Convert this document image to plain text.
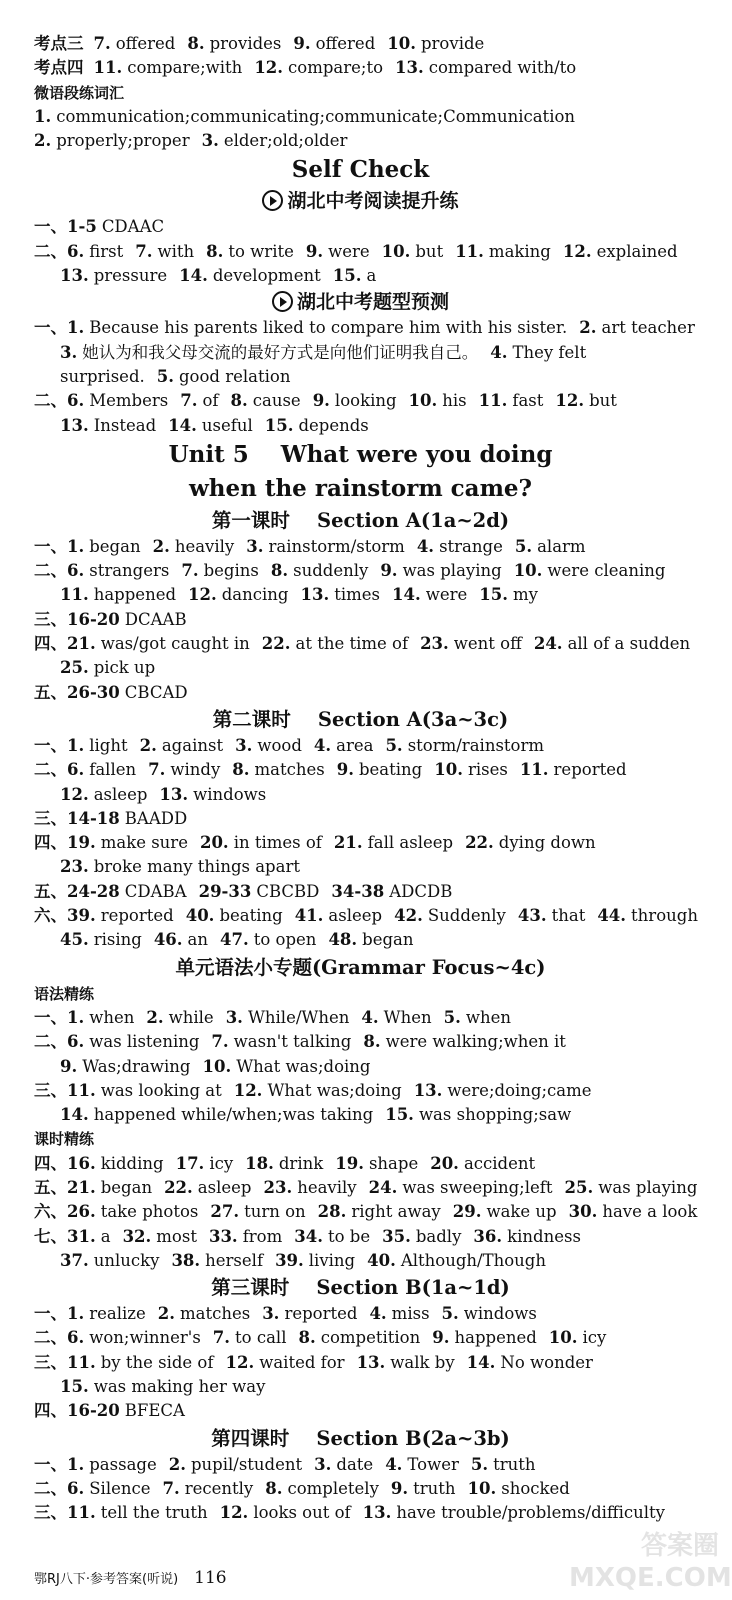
考点三 7. offered 8. provides 9. offered 10. provide
考点四 11. compare;with 12. compare;to 13. compared with/to
微语段练词汇
1. communication;communicating;communicate;Communication
2. properly;proper 3. elder;old;older
Self Check
湖北中考阅读提升练
一、1-5 CDAAC
二、6. first 7. with 8. to write 9. were 10. but 11. making 12. explained
13. pressure 14. development 15. a
湖北中考题型预测
一、1. Because his parents liked to compare him with his sister. 2. art teacher
3. 她认为和我父母交流的最好方式是向他们证明我自己。 4. They felt
surprised. 5. good relation
二、6. Members 7. of 8. cause 9. looking 10. his 11. fast 12. but
13. Instead 14. useful 15. depends
Unit 5    What were you doing
when the rainstorm came?
第一课时    Section A(1a~2d)
一、1. began 2. heavily 3. rainstorm/storm 4. strange 5. alarm
二、6. strangers 7. begins 8. suddenly 9. was playing 10. were cleaning
11. happened 12. dancing 13. times 14. were 15. my
三、16-20 DCAAB
四、21. was/got caught in 22. at the time of 23. went off 24. all of a sudden
25. pick up
五、26-30 CBCAD
第二课时    Section A(3a~3c)
一、1. light 2. against 3. wood 4. area 5. storm/rainstorm
二、6. fallen 7. windy 8. matches 9. beating 10. rises 11. reported
12. asleep 13. windows
三、14-18 BAADD
四、19. make sure 20. in times of 21. fall asleep 22. dying down
23. broke many things apart
五、24-28 CDABA 29-33 CBCBD 34-38 ADCDB
六、39. reported 40. beating 41. asleep 42. Suddenly 43. that 44. through
45. rising 46. an 47. to open 48. began
单元语法小专题(Grammar Focus~4c)
语法精练
一、1. when 2. while 3. While/When 4. When 5. when
二、6. was listening 7. wasn't talking 8. were walking;when it
9. Was;drawing 10. What was;doing
三、11. was looking at 12. What was;doing 13. were;doing;came
14. happened while/when;was taking 15. was shopping;saw
课时精练
四、16. kidding 17. icy 18. drink 19. shape 20. accident
五、21. began 22. asleep 23. heavily 24. was sweeping;left 25. was playing
六、26. take photos 27. turn on 28. right away 29. wake up 30. have a look
七、31. a 32. most 33. from 34. to be 35. badly 36. kindness
37. unlucky 38. herself 39. living 40. Although/Though
第三课时    Section B(1a~1d)
一、1. realize 2. matches 3. reported 4. miss 5. windows
二、6. won;winner's 7. to call 8. competition 9. happened 10. icy
三、11. by the side of 12. waited for 13. walk by 14. No wonder
15. was making her way
四、16-20 BFECA
第四课时    Section B(2a~3b)
一、1. passage 2. pupil/student 3. date 4. Tower 5. truth
二、6. Silence 7. recently 8. completely 9. truth 10. shocked
三、11. tell the truth 12. looks out of 13. have trouble/problems/difficulty
鄂RJ八下·参考答案(听说) 116
答案圈
MXQE.COM
